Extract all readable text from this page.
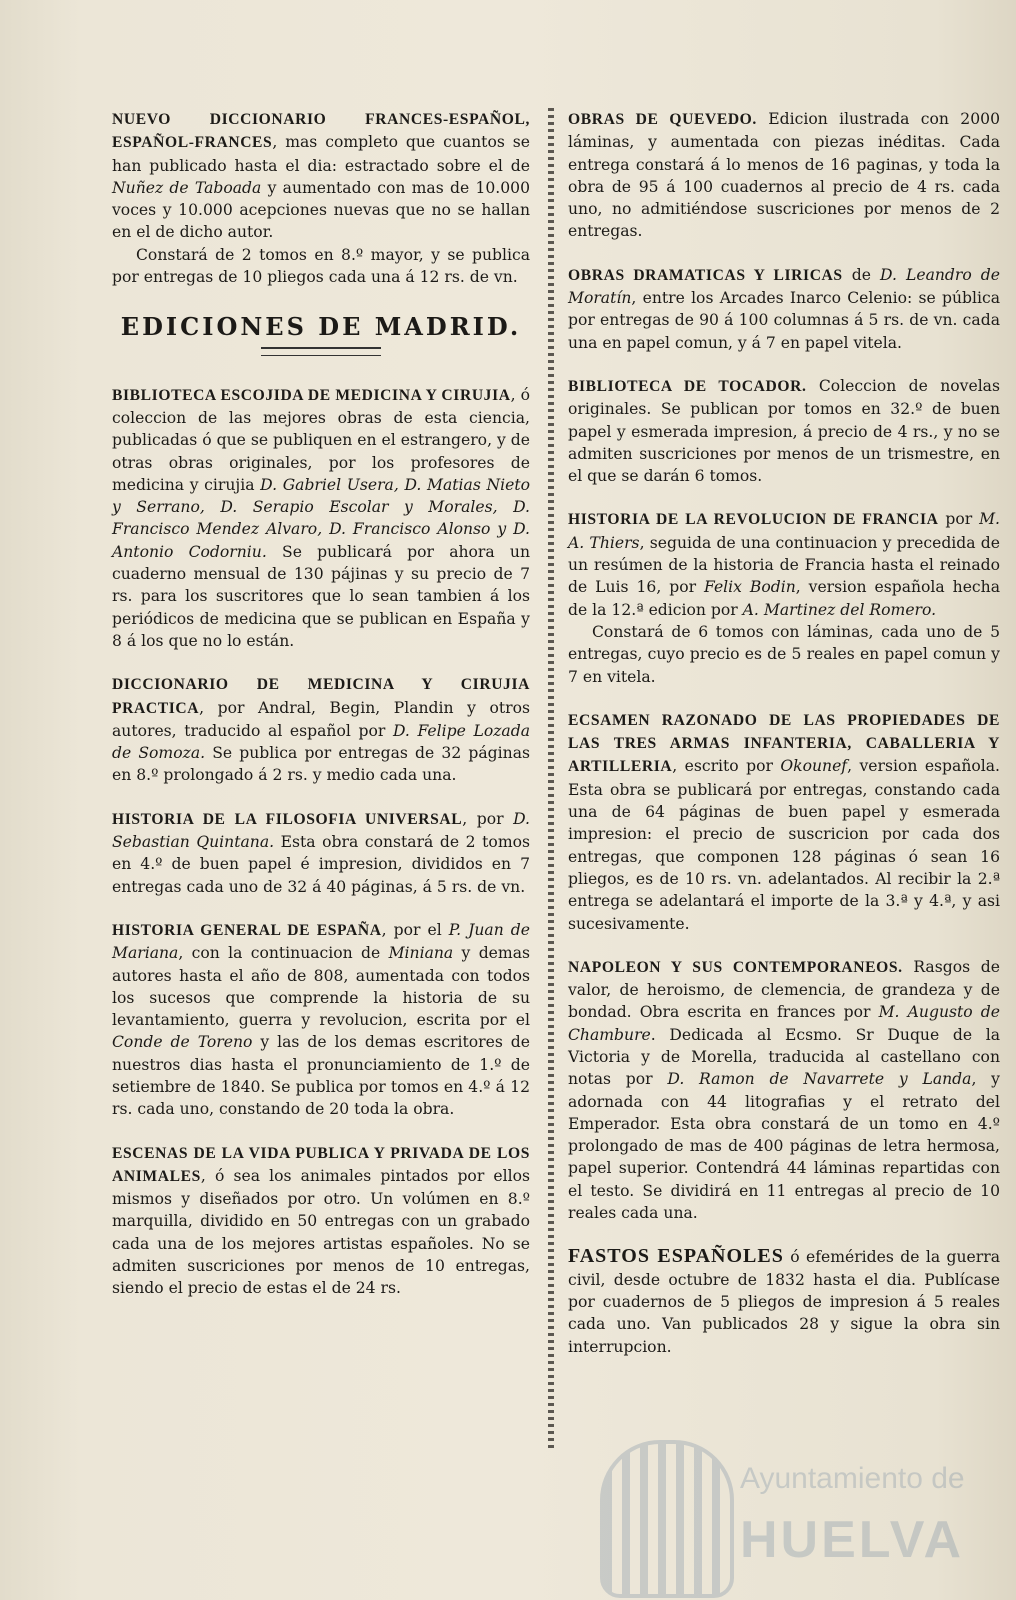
NUEVO DICCIONARIO FRANCES-ESPAÑOL, ESPAÑOL-FRANCES, mas completo que cuantos se han publicado hasta el dia: estractado sobre el de Nuñez de Taboada y aumentado con mas de 10.000 voces y 10.000 acepciones nuevas que no se hallan en el de dicho autor.

Constará de 2 tomos en 8.º mayor, y se publica por entregas de 10 pliegos cada una á 12 rs. de vn.

EDICIONES DE MADRID.

BIBLIOTECA ESCOJIDA DE MEDICINA Y CIRUJIA, ó coleccion de las mejores obras de esta ciencia, publicadas ó que se publiquen en el estrangero, y de otras obras originales, por los profesores de medicina y cirujia D. Gabriel Usera, D. Matias Nieto y Serrano, D. Serapio Escolar y Morales, D. Francisco Mendez Alvaro, D. Francisco Alonso y D. Antonio Codorniu. Se publicará por ahora un cuaderno mensual de 130 pájinas y su precio de 7 rs. para los suscritores que lo sean tambien á los periódicos de medicina que se publican en España y 8 á los que no lo están.

DICCIONARIO DE MEDICINA Y CIRUJIA PRACTICA, por Andral, Begin, Plandin y otros autores, traducido al español por D. Felipe Lozada de Somoza. Se publica por entregas de 32 páginas en 8.º prolongado á 2 rs. y medio cada una.

HISTORIA DE LA FILOSOFIA UNIVERSAL, por D. Sebastian Quintana. Esta obra constará de 2 tomos en 4.º de buen papel é impresion, divididos en 7 entregas cada uno de 32 á 40 páginas, á 5 rs. de vn.

HISTORIA GENERAL DE ESPAÑA, por el P. Juan de Mariana, con la continuacion de Miniana y demas autores hasta el año de 808, aumentada con todos los sucesos que comprende la historia de su levantamiento, guerra y revolucion, escrita por el Conde de Toreno y las de los demas escritores de nuestros dias hasta el pronunciamiento de 1.º de setiembre de 1840. Se publica por tomos en 4.º á 12 rs. cada uno, constando de 20 toda la obra.

ESCENAS DE LA VIDA PUBLICA Y PRIVADA DE LOS ANIMALES, ó sea los animales pintados por ellos mismos y diseñados por otro. Un volúmen en 8.º marquilla, dividido en 50 entregas con un grabado cada una de los mejores artistas españoles. No se admiten suscriciones por menos de 10 entregas, siendo el precio de estas el de 24 rs.

OBRAS DE QUEVEDO. Edicion ilustrada con 2000 láminas, y aumentada con piezas inéditas. Cada entrega constará á lo menos de 16 paginas, y toda la obra de 95 á 100 cuadernos al precio de 4 rs. cada uno, no admitiéndose suscriciones por menos de 2 entregas.

OBRAS DRAMATICAS Y LIRICAS de D. Leandro de Moratín, entre los Arcades Inarco Celenio: se pública por entregas de 90 á 100 columnas á 5 rs. de vn. cada una en papel comun, y á 7 en papel vitela.

BIBLIOTECA DE TOCADOR. Coleccion de novelas originales. Se publican por tomos en 32.º de buen papel y esmerada impresion, á precio de 4 rs., y no se admiten suscriciones por menos de un trismestre, en el que se darán 6 tomos.

HISTORIA DE LA REVOLUCION DE FRANCIA por M. A. Thiers, seguida de una continuacion y precedida de un resúmen de la historia de Francia hasta el reinado de Luis 16, por Felix Bodin, version española hecha de la 12.ª edicion por A. Martinez del Romero.

Constará de 6 tomos con láminas, cada uno de 5 entregas, cuyo precio es de 5 reales en papel comun y 7 en vitela.

ECSAMEN RAZONADO DE LAS PROPIEDADES DE LAS TRES ARMAS INFANTERIA, CABALLERIA Y ARTILLERIA, escrito por Okounef, version española. Esta obra se publicará por entregas, constando cada una de 64 páginas de buen papel y esmerada impresion: el precio de suscricion por cada dos entregas, que componen 128 páginas ó sean 16 pliegos, es de 10 rs. vn. adelantados. Al recibir la 2.ª entrega se adelantará el importe de la 3.ª y 4.ª, y asi sucesivamente.

NAPOLEON Y SUS CONTEMPORANEOS. Rasgos de valor, de heroismo, de clemencia, de grandeza y de bondad. Obra escrita en frances por M. Augusto de Chambure. Dedicada al Ecsmo. Sr Duque de la Victoria y de Morella, traducida al castellano con notas por D. Ramon de Navarrete y Landa, y adornada con 44 litografias y el retrato del Emperador. Esta obra constará de un tomo en 4.º prolongado de mas de 400 páginas de letra hermosa, papel superior. Contendrá 44 láminas repartidas con el testo. Se dividirá en 11 entregas al precio de 10 reales cada una.

FASTOS ESPAÑOLES ó efemérides de la guerra civil, desde octubre de 1832 hasta el dia. Publícase por cuadernos de 5 pliegos de impresion á 5 reales cada uno. Van publicados 28 y sigue la obra sin interrupcion.

Ayuntamiento de
HUELVA
